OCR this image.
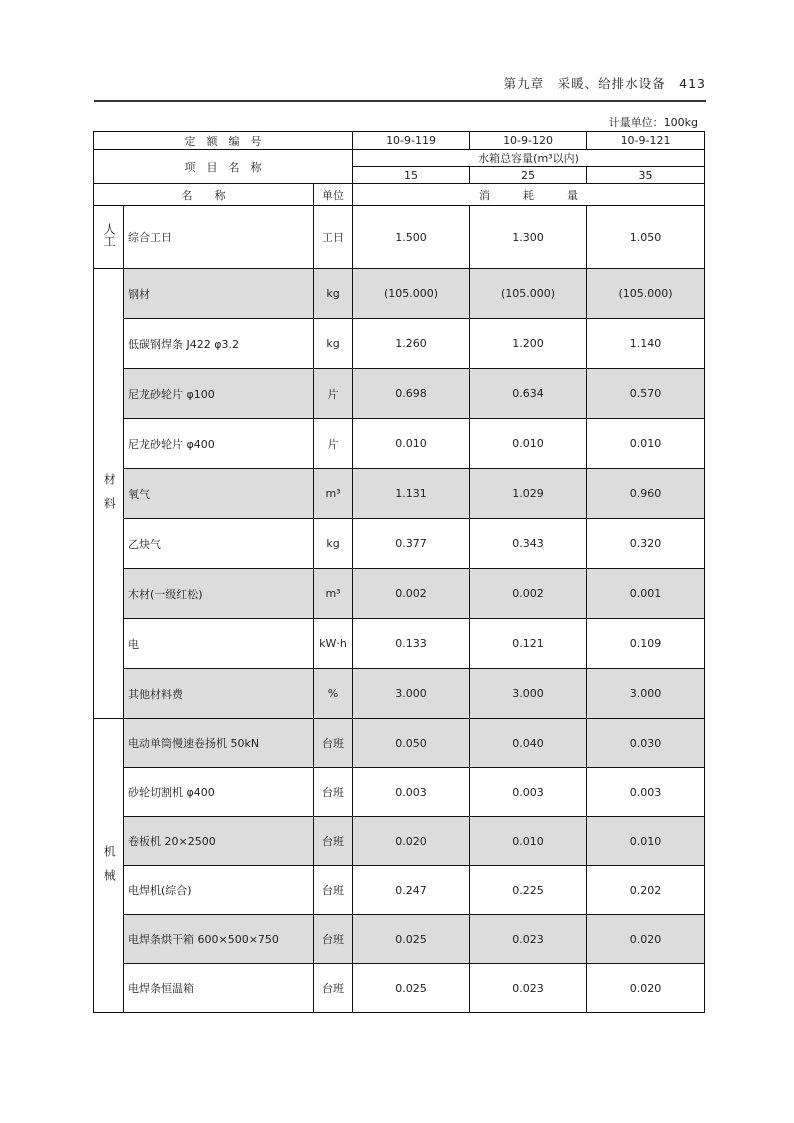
第九章　采暖、给排水设备　413
计量单位：100kg
定　额　编　号			10-9-119	10-9-120	10-9-121
项　目　名　称			水箱总容量(m³以内)		
			15	25	35
名　　称		单位	消　　　耗　　　量		
人工	综合工日	工日	1.500	1.300	1.050
材　料	钢材	kg	(105.000)	(105.000)	(105.000)
	低碳钢焊条 J422 φ3.2	kg	1.260	1.200	1.140
	尼龙砂轮片 φ100	片	0.698	0.634	0.570
	尼龙砂轮片 φ400	片	0.010	0.010	0.010
	氧气	m³	1.131	1.029	0.960
	乙炔气	kg	0.377	0.343	0.320
	木材(一级红松)	m³	0.002	0.002	0.001
	电	kW·h	0.133	0.121	0.109
	其他材料费	%	3.000	3.000	3.000
机　械	电动单筒慢速卷扬机 50kN	台班	0.050	0.040	0.030
	砂轮切割机 φ400	台班	0.003	0.003	0.003
	卷板机 20×2500	台班	0.020	0.010	0.010
	电焊机(综合)	台班	0.247	0.225	0.202
	电焊条烘干箱 600×500×750	台班	0.025	0.023	0.020
	电焊条恒温箱	台班	0.025	0.023	0.020
